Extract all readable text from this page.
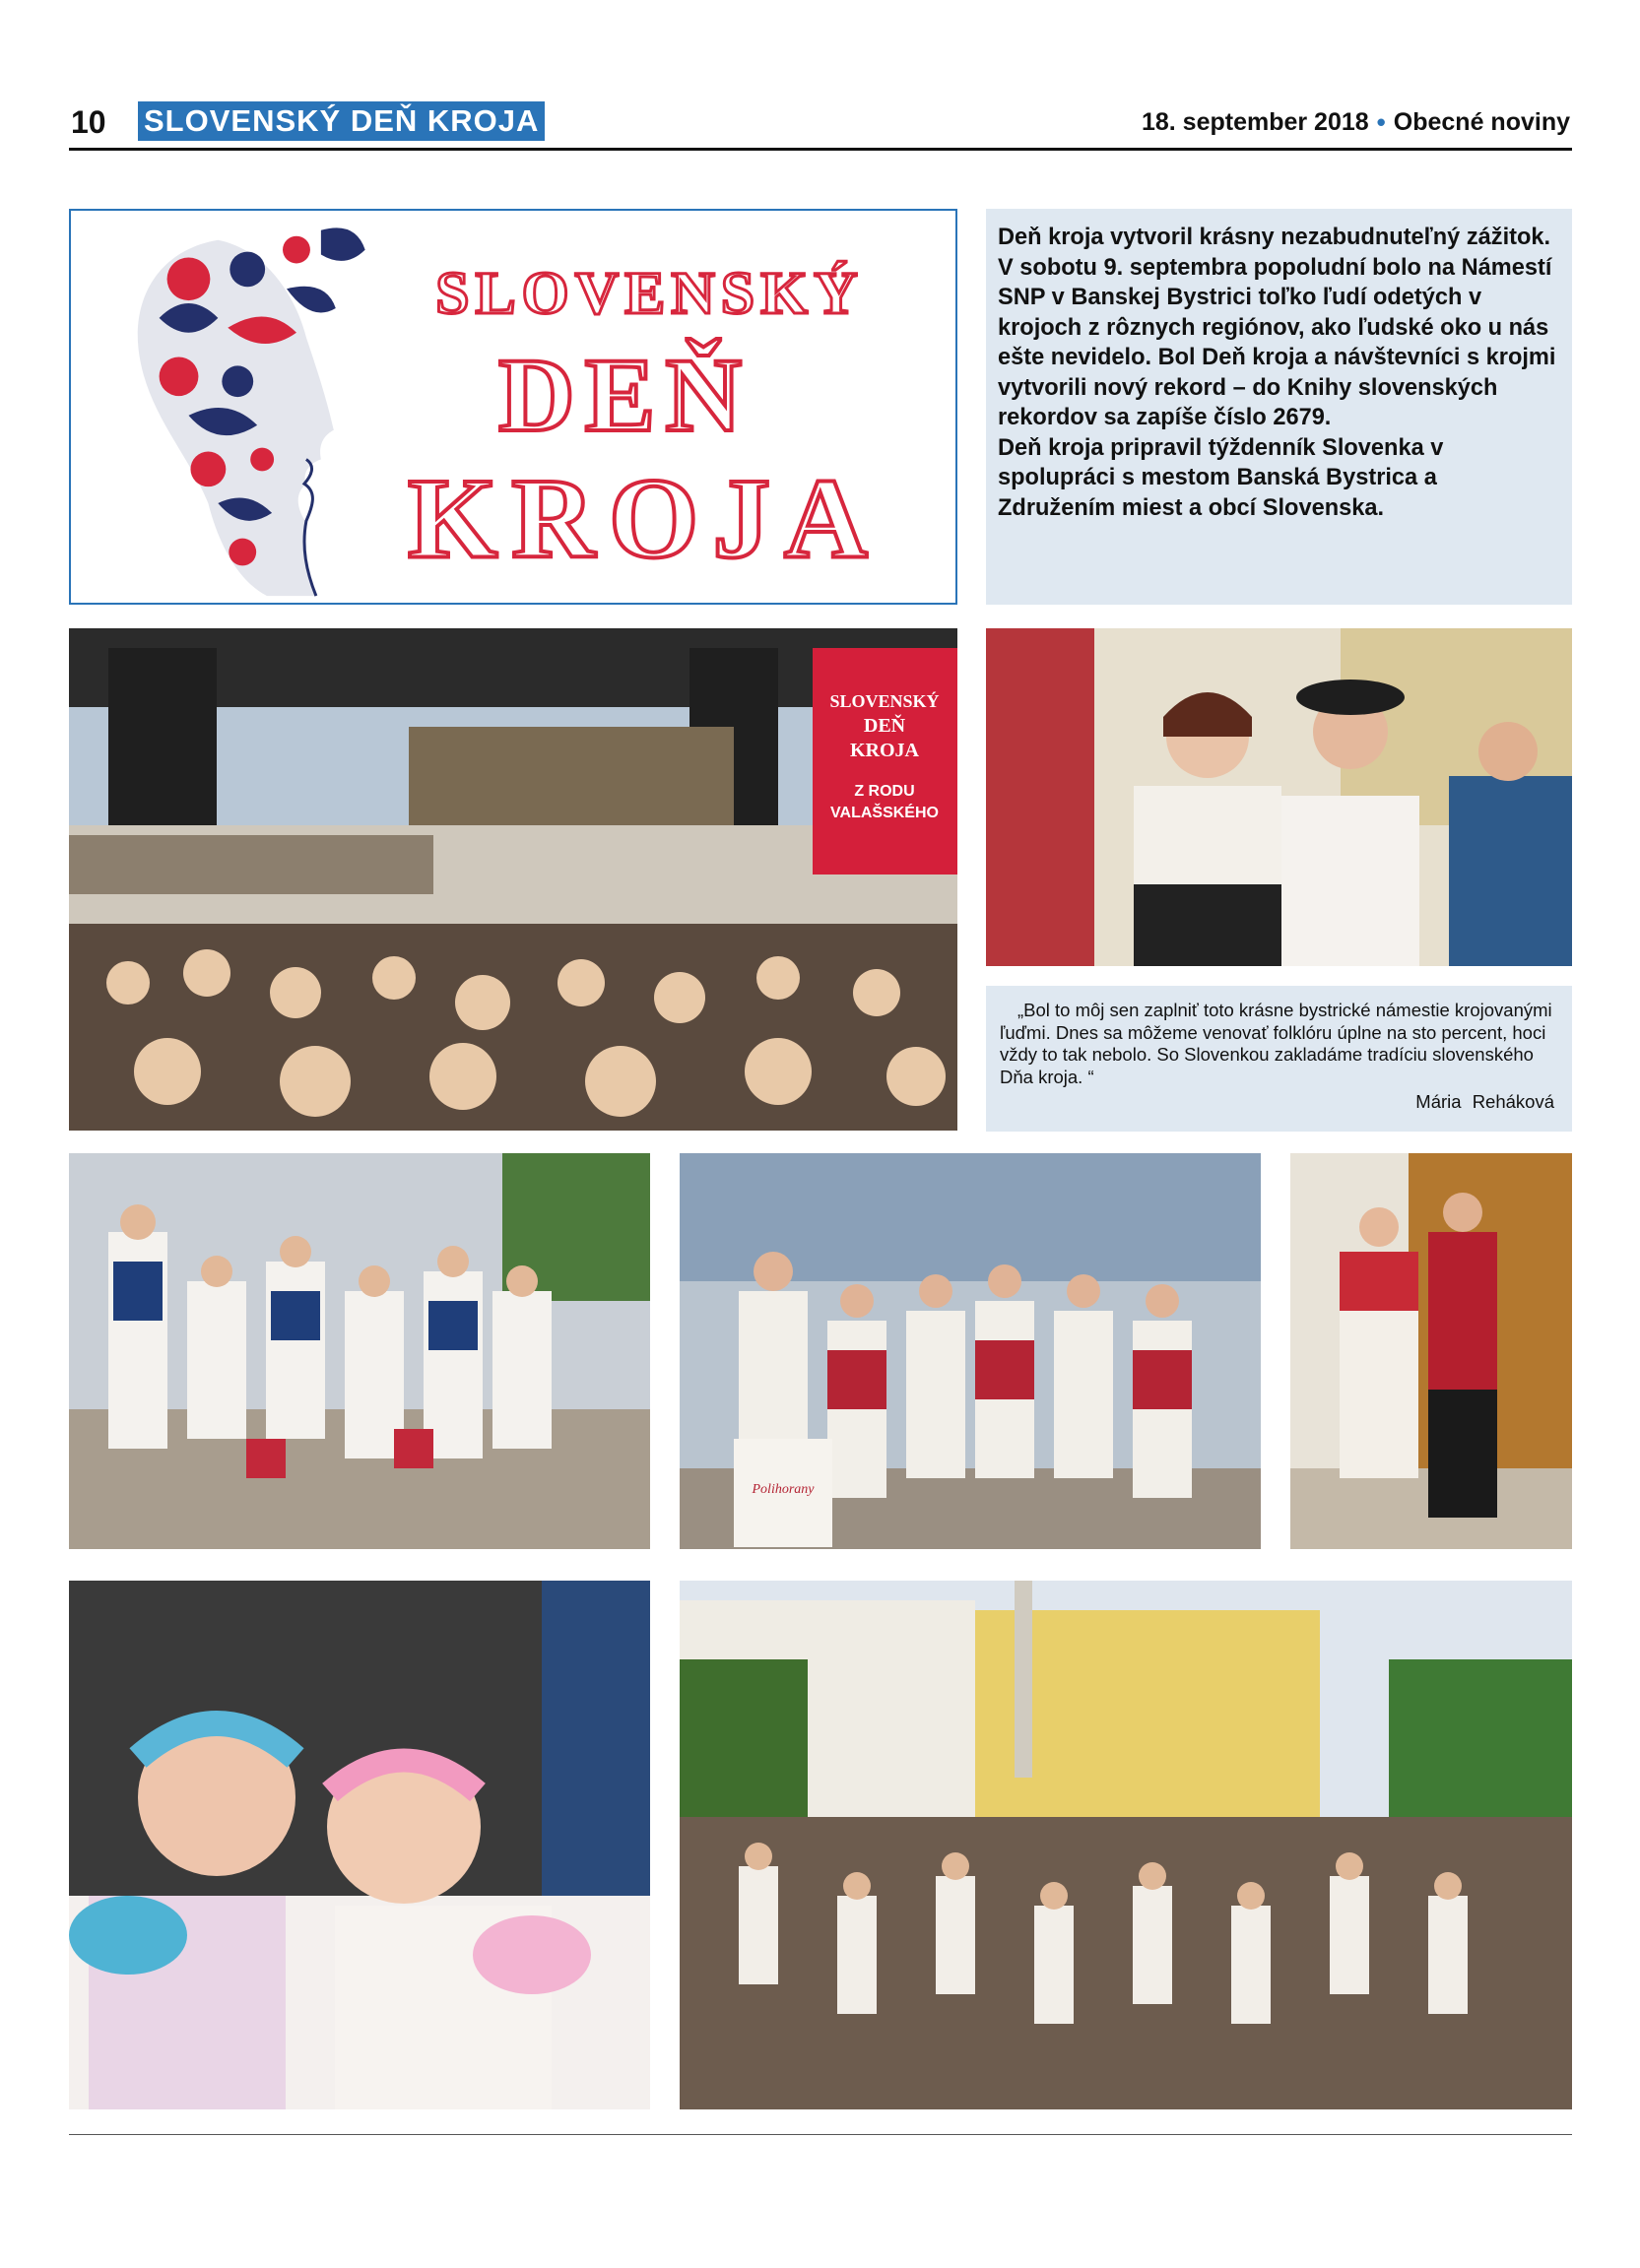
10 SLOVENSKÝ DEŇ KROJA	18. september 2018 • Obecné noviny
SLOVENSKÝ
DEŇ
KROJA

Deň kroja vytvoril krásny nezabudnuteľný zážitok. V sobotu 9. septembra popoludní bolo na Námestí SNP v Banskej Bystrici toľko ľudí odetých v krojoch z rôznych regiónov, ako ľudské oko u nás ešte nevidelo. Bol Deň kroja a návštevníci s krojmi vytvorili nový rekord – do Knihy slovenských rekordov sa zapíše číslo 2679.

Deň kroja pripravil týždenník Slovenka v spolupráci s mestom Banská Bystrica a Združením miest a obcí Slovenska.

SLOVENSKÝ
DEŇ
KROJA
Z RODU
VALAŠSKÉHO

„Bol to môj sen zaplniť toto krásne bystrické námestie krojovanými ľuďmi. Dnes sa môžeme venovať folklóru úplne na sto percent, hoci vždy to tak nebolo. So Slovenkou zakladáme tradíciu slovenského Dňa kroja. “

Mária Reháková
Polihorany
